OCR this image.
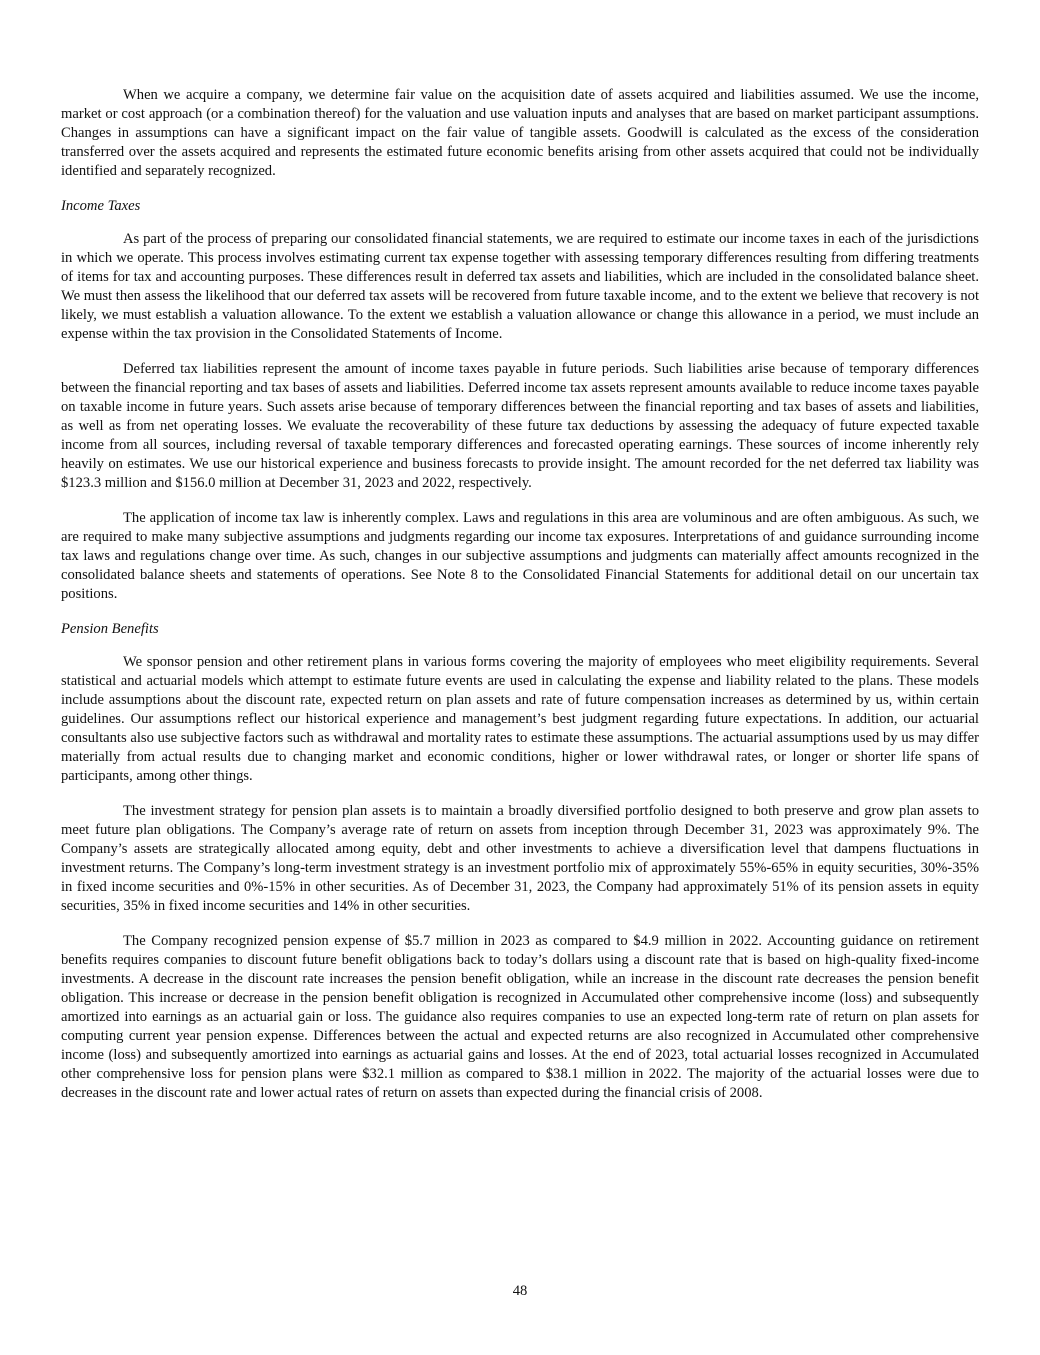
When we acquire a company, we determine fair value on the acquisition date of assets acquired and liabilities assumed. We use the income, market or cost approach (or a combination thereof) for the valuation and use valuation inputs and analyses that are based on market participant assumptions. Changes in assumptions can have a significant impact on the fair value of tangible assets. Goodwill is calculated as the excess of the consideration transferred over the assets acquired and represents the estimated future economic benefits arising from other assets acquired that could not be individually identified and separately recognized.

Income Taxes

As part of the process of preparing our consolidated financial statements, we are required to estimate our income taxes in each of the jurisdictions in which we operate. This process involves estimating current tax expense together with assessing temporary differences resulting from differing treatments of items for tax and accounting purposes. These differences result in deferred tax assets and liabilities, which are included in the consolidated balance sheet. We must then assess the likelihood that our deferred tax assets will be recovered from future taxable income, and to the extent we believe that recovery is not likely, we must establish a valuation allowance. To the extent we establish a valuation allowance or change this allowance in a period, we must include an expense within the tax provision in the Consolidated Statements of Income.

Deferred tax liabilities represent the amount of income taxes payable in future periods. Such liabilities arise because of temporary differences between the financial reporting and tax bases of assets and liabilities. Deferred income tax assets represent amounts available to reduce income taxes payable on taxable income in future years. Such assets arise because of temporary differences between the financial reporting and tax bases of assets and liabilities, as well as from net operating losses. We evaluate the recoverability of these future tax deductions by assessing the adequacy of future expected taxable income from all sources, including reversal of taxable temporary differences and forecasted operating earnings. These sources of income inherently rely heavily on estimates. We use our historical experience and business forecasts to provide insight. The amount recorded for the net deferred tax liability was $123.3 million and $156.0 million at December 31, 2023 and 2022, respectively.

The application of income tax law is inherently complex. Laws and regulations in this area are voluminous and are often ambiguous. As such, we are required to make many subjective assumptions and judgments regarding our income tax exposures. Interpretations of and guidance surrounding income tax laws and regulations change over time. As such, changes in our subjective assumptions and judgments can materially affect amounts recognized in the consolidated balance sheets and statements of operations. See Note 8 to the Consolidated Financial Statements for additional detail on our uncertain tax positions.

Pension Benefits

We sponsor pension and other retirement plans in various forms covering the majority of employees who meet eligibility requirements. Several statistical and actuarial models which attempt to estimate future events are used in calculating the expense and liability related to the plans. These models include assumptions about the discount rate, expected return on plan assets and rate of future compensation increases as determined by us, within certain guidelines. Our assumptions reflect our historical experience and management’s best judgment regarding future expectations. In addition, our actuarial consultants also use subjective factors such as withdrawal and mortality rates to estimate these assumptions. The actuarial assumptions used by us may differ materially from actual results due to changing market and economic conditions, higher or lower withdrawal rates, or longer or shorter life spans of participants, among other things.

The investment strategy for pension plan assets is to maintain a broadly diversified portfolio designed to both preserve and grow plan assets to meet future plan obligations. The Company’s average rate of return on assets from inception through December 31, 2023 was approximately 9%. The Company’s assets are strategically allocated among equity, debt and other investments to achieve a diversification level that dampens fluctuations in investment returns. The Company’s long-term investment strategy is an investment portfolio mix of approximately 55%-65% in equity securities, 30%-35% in fixed income securities and 0%-15% in other securities. As of December 31, 2023, the Company had approximately 51% of its pension assets in equity securities, 35% in fixed income securities and 14% in other securities.

The Company recognized pension expense of $5.7 million in 2023 as compared to $4.9 million in 2022. Accounting guidance on retirement benefits requires companies to discount future benefit obligations back to today’s dollars using a discount rate that is based on high-quality fixed-income investments. A decrease in the discount rate increases the pension benefit obligation, while an increase in the discount rate decreases the pension benefit obligation. This increase or decrease in the pension benefit obligation is recognized in Accumulated other comprehensive income (loss) and subsequently amortized into earnings as an actuarial gain or loss. The guidance also requires companies to use an expected long-term rate of return on plan assets for computing current year pension expense. Differences between the actual and expected returns are also recognized in Accumulated other comprehensive income (loss) and subsequently amortized into earnings as actuarial gains and losses. At the end of 2023, total actuarial losses recognized in Accumulated other comprehensive loss for pension plans were $32.1 million as compared to $38.1 million in 2022. The majority of the actuarial losses were due to decreases in the discount rate and lower actual rates of return on assets than expected during the financial crisis of 2008.

48
